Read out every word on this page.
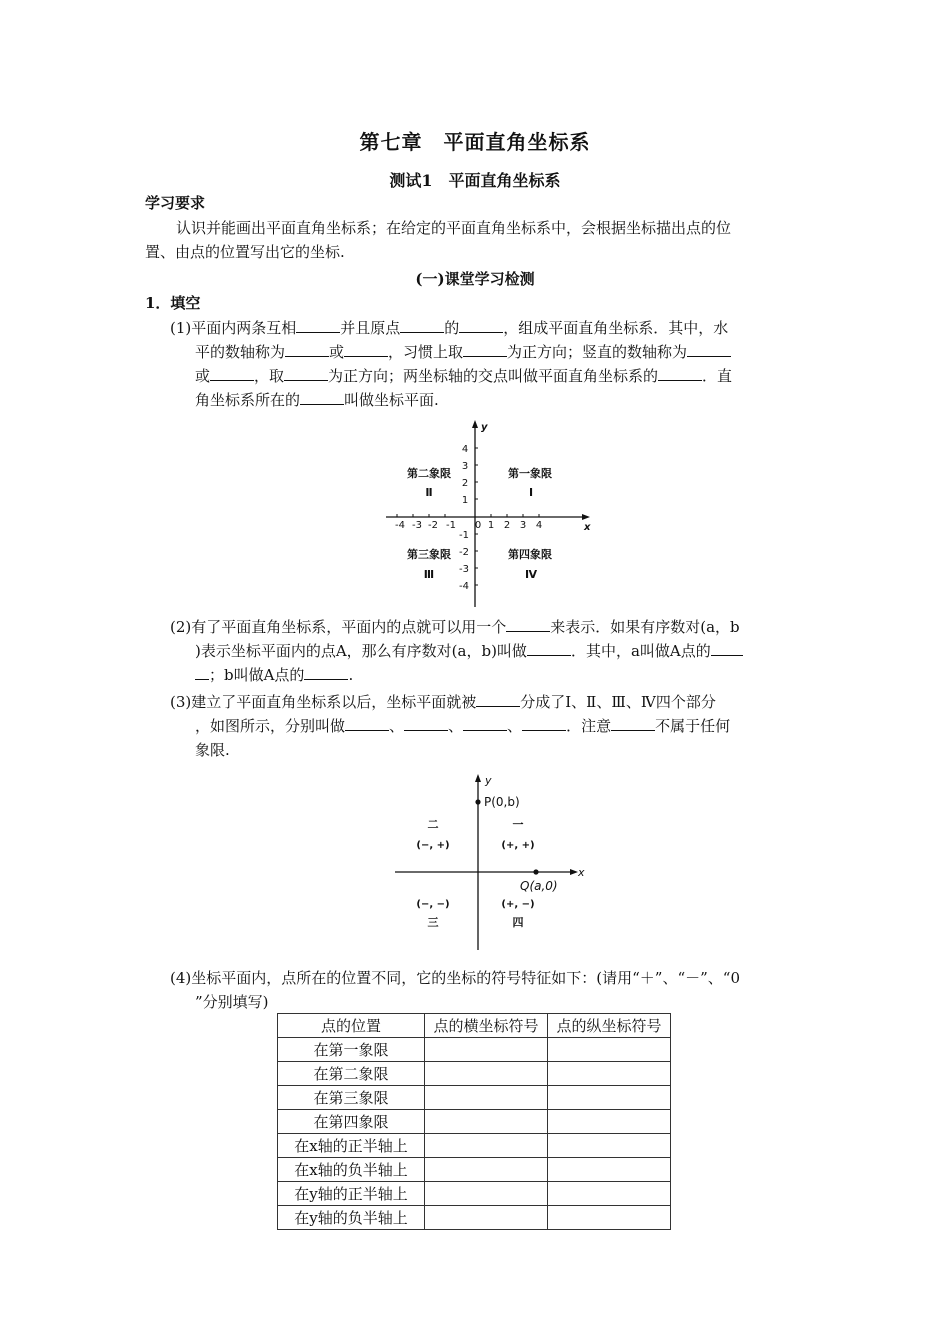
第七章　平面直角坐标系
测试1　平面直角坐标系
学习要求
认识并能画出平面直角坐标系；在给定的平面直角坐标系中，会根据坐标描出点的位
置、由点的位置写出它的坐标.
(一)课堂学习检测
1．填空
(1)平面内两条互相	并且原点	的	，组成平面直角坐标系．其中，水
平的数轴称为	或	，习惯上取	为正方向；竖直的数轴称为
或	，取	为正方向；两坐标轴的交点叫做平面直角坐标系的	．直
角坐标系所在的	叫做坐标平面.
-4 -3 -2 -1 0 1 2 3 4
4
3
2
1
-1
-2
-3
-4
x
y
第一象限
Ⅰ
第二象限
Ⅱ
第三象限
Ⅲ
第四象限
Ⅳ
(2)有了平面直角坐标系，平面内的点就可以用一个	来表示．如果有序数对(a，b
)表示坐标平面内的点A，那么有序数对(a，b)叫做	．其中，a叫做A点的
；b叫做A点的	.
(3)建立了平面直角坐标系以后，坐标平面就被	分成了Ⅰ、Ⅱ、Ⅲ、Ⅳ四个部分
，如图所示，分别叫做	、	、	、	．注意	不属于任何
象限.
x
y
P(0,b)
Q(a,0)
一
(+, +)
二
(−, +)
(−, −)
三
(+, −)
四
(4)坐标平面内，点所在的位置不同，它的坐标的符号特征如下：(请用“＋”、“－”、“0
”分别填写)
点的位置	点的横坐标符号	点的纵坐标符号
在第一象限		
在第二象限		
在第三象限		
在第四象限		
在x轴的正半轴上		
在x轴的负半轴上		
在y轴的正半轴上		
在y轴的负半轴上		
